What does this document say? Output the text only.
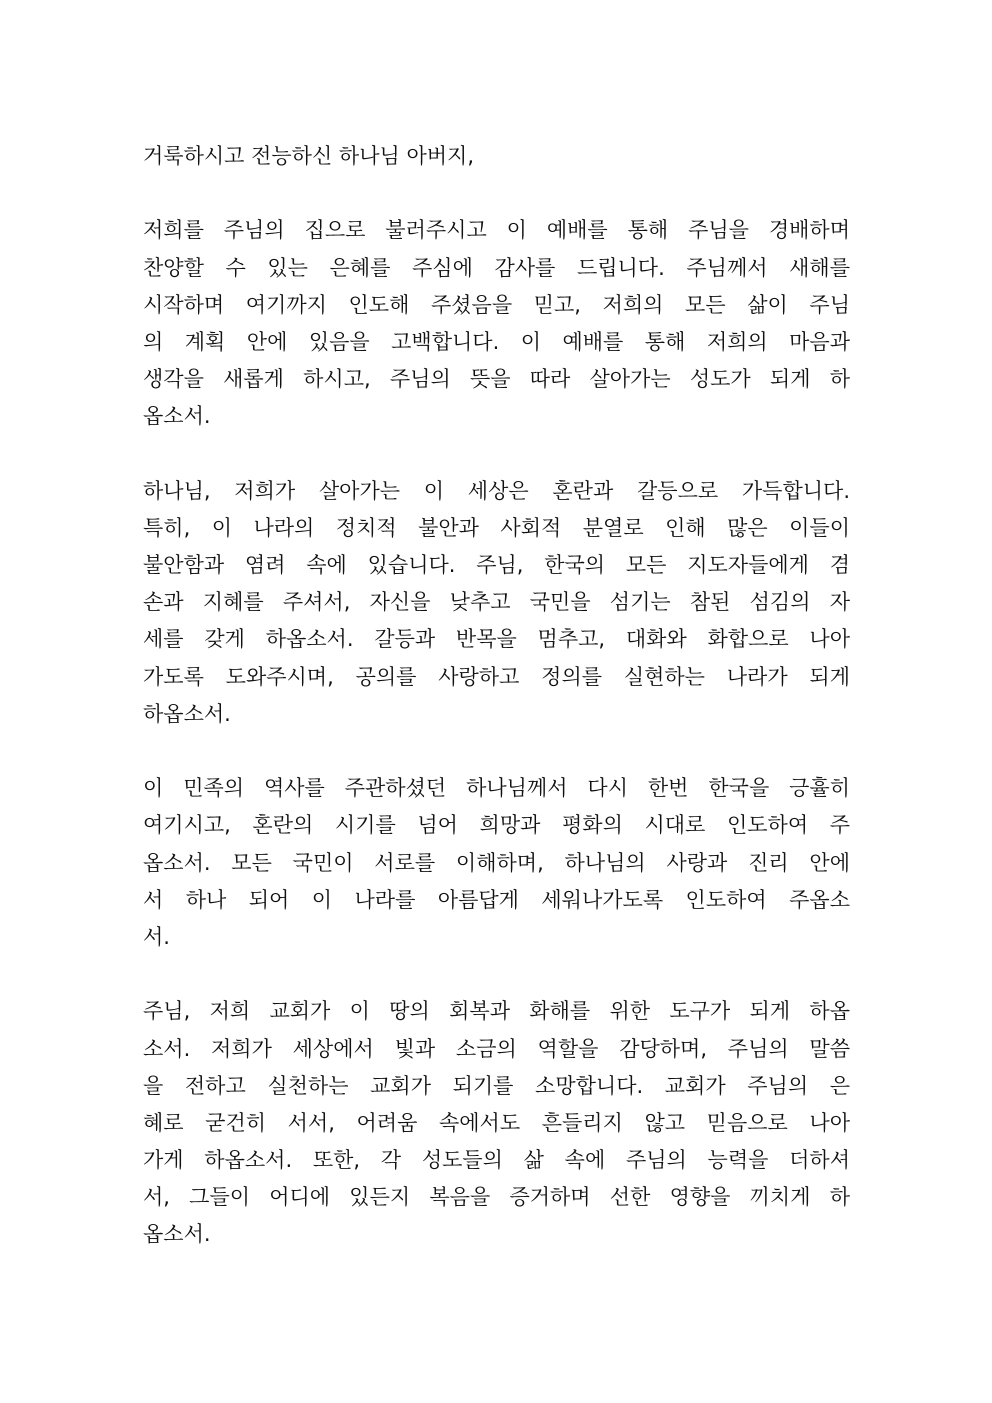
거룩하시고 전능하신 하나님 아버지,
저희를 주님의 집으로 불러주시고 이 예배를 통해 주님을 경배하며
찬양할 수 있는 은혜를 주심에 감사를 드립니다. 주님께서 새해를
시작하며 여기까지 인도해 주셨음을 믿고, 저희의 모든 삶이 주님
의 계획 안에 있음을 고백합니다. 이 예배를 통해 저희의 마음과
생각을 새롭게 하시고, 주님의 뜻을 따라 살아가는 성도가 되게 하
옵소서.
하나님, 저희가 살아가는 이 세상은 혼란과 갈등으로 가득합니다.
특히, 이 나라의 정치적 불안과 사회적 분열로 인해 많은 이들이
불안함과 염려 속에 있습니다. 주님, 한국의 모든 지도자들에게 겸
손과 지혜를 주셔서, 자신을 낮추고 국민을 섬기는 참된 섬김의 자
세를 갖게 하옵소서. 갈등과 반목을 멈추고, 대화와 화합으로 나아
가도록 도와주시며, 공의를 사랑하고 정의를 실현하는 나라가 되게
하옵소서.
이 민족의 역사를 주관하셨던 하나님께서 다시 한번 한국을 긍휼히
여기시고, 혼란의 시기를 넘어 희망과 평화의 시대로 인도하여 주
옵소서. 모든 국민이 서로를 이해하며, 하나님의 사랑과 진리 안에
서 하나 되어 이 나라를 아름답게 세워나가도록 인도하여 주옵소
서.
주님, 저희 교회가 이 땅의 회복과 화해를 위한 도구가 되게 하옵
소서. 저희가 세상에서 빛과 소금의 역할을 감당하며, 주님의 말씀
을 전하고 실천하는 교회가 되기를 소망합니다. 교회가 주님의 은
혜로 굳건히 서서, 어려움 속에서도 흔들리지 않고 믿음으로 나아
가게 하옵소서. 또한, 각 성도들의 삶 속에 주님의 능력을 더하셔
서, 그들이 어디에 있든지 복음을 증거하며 선한 영향을 끼치게 하
옵소서.
